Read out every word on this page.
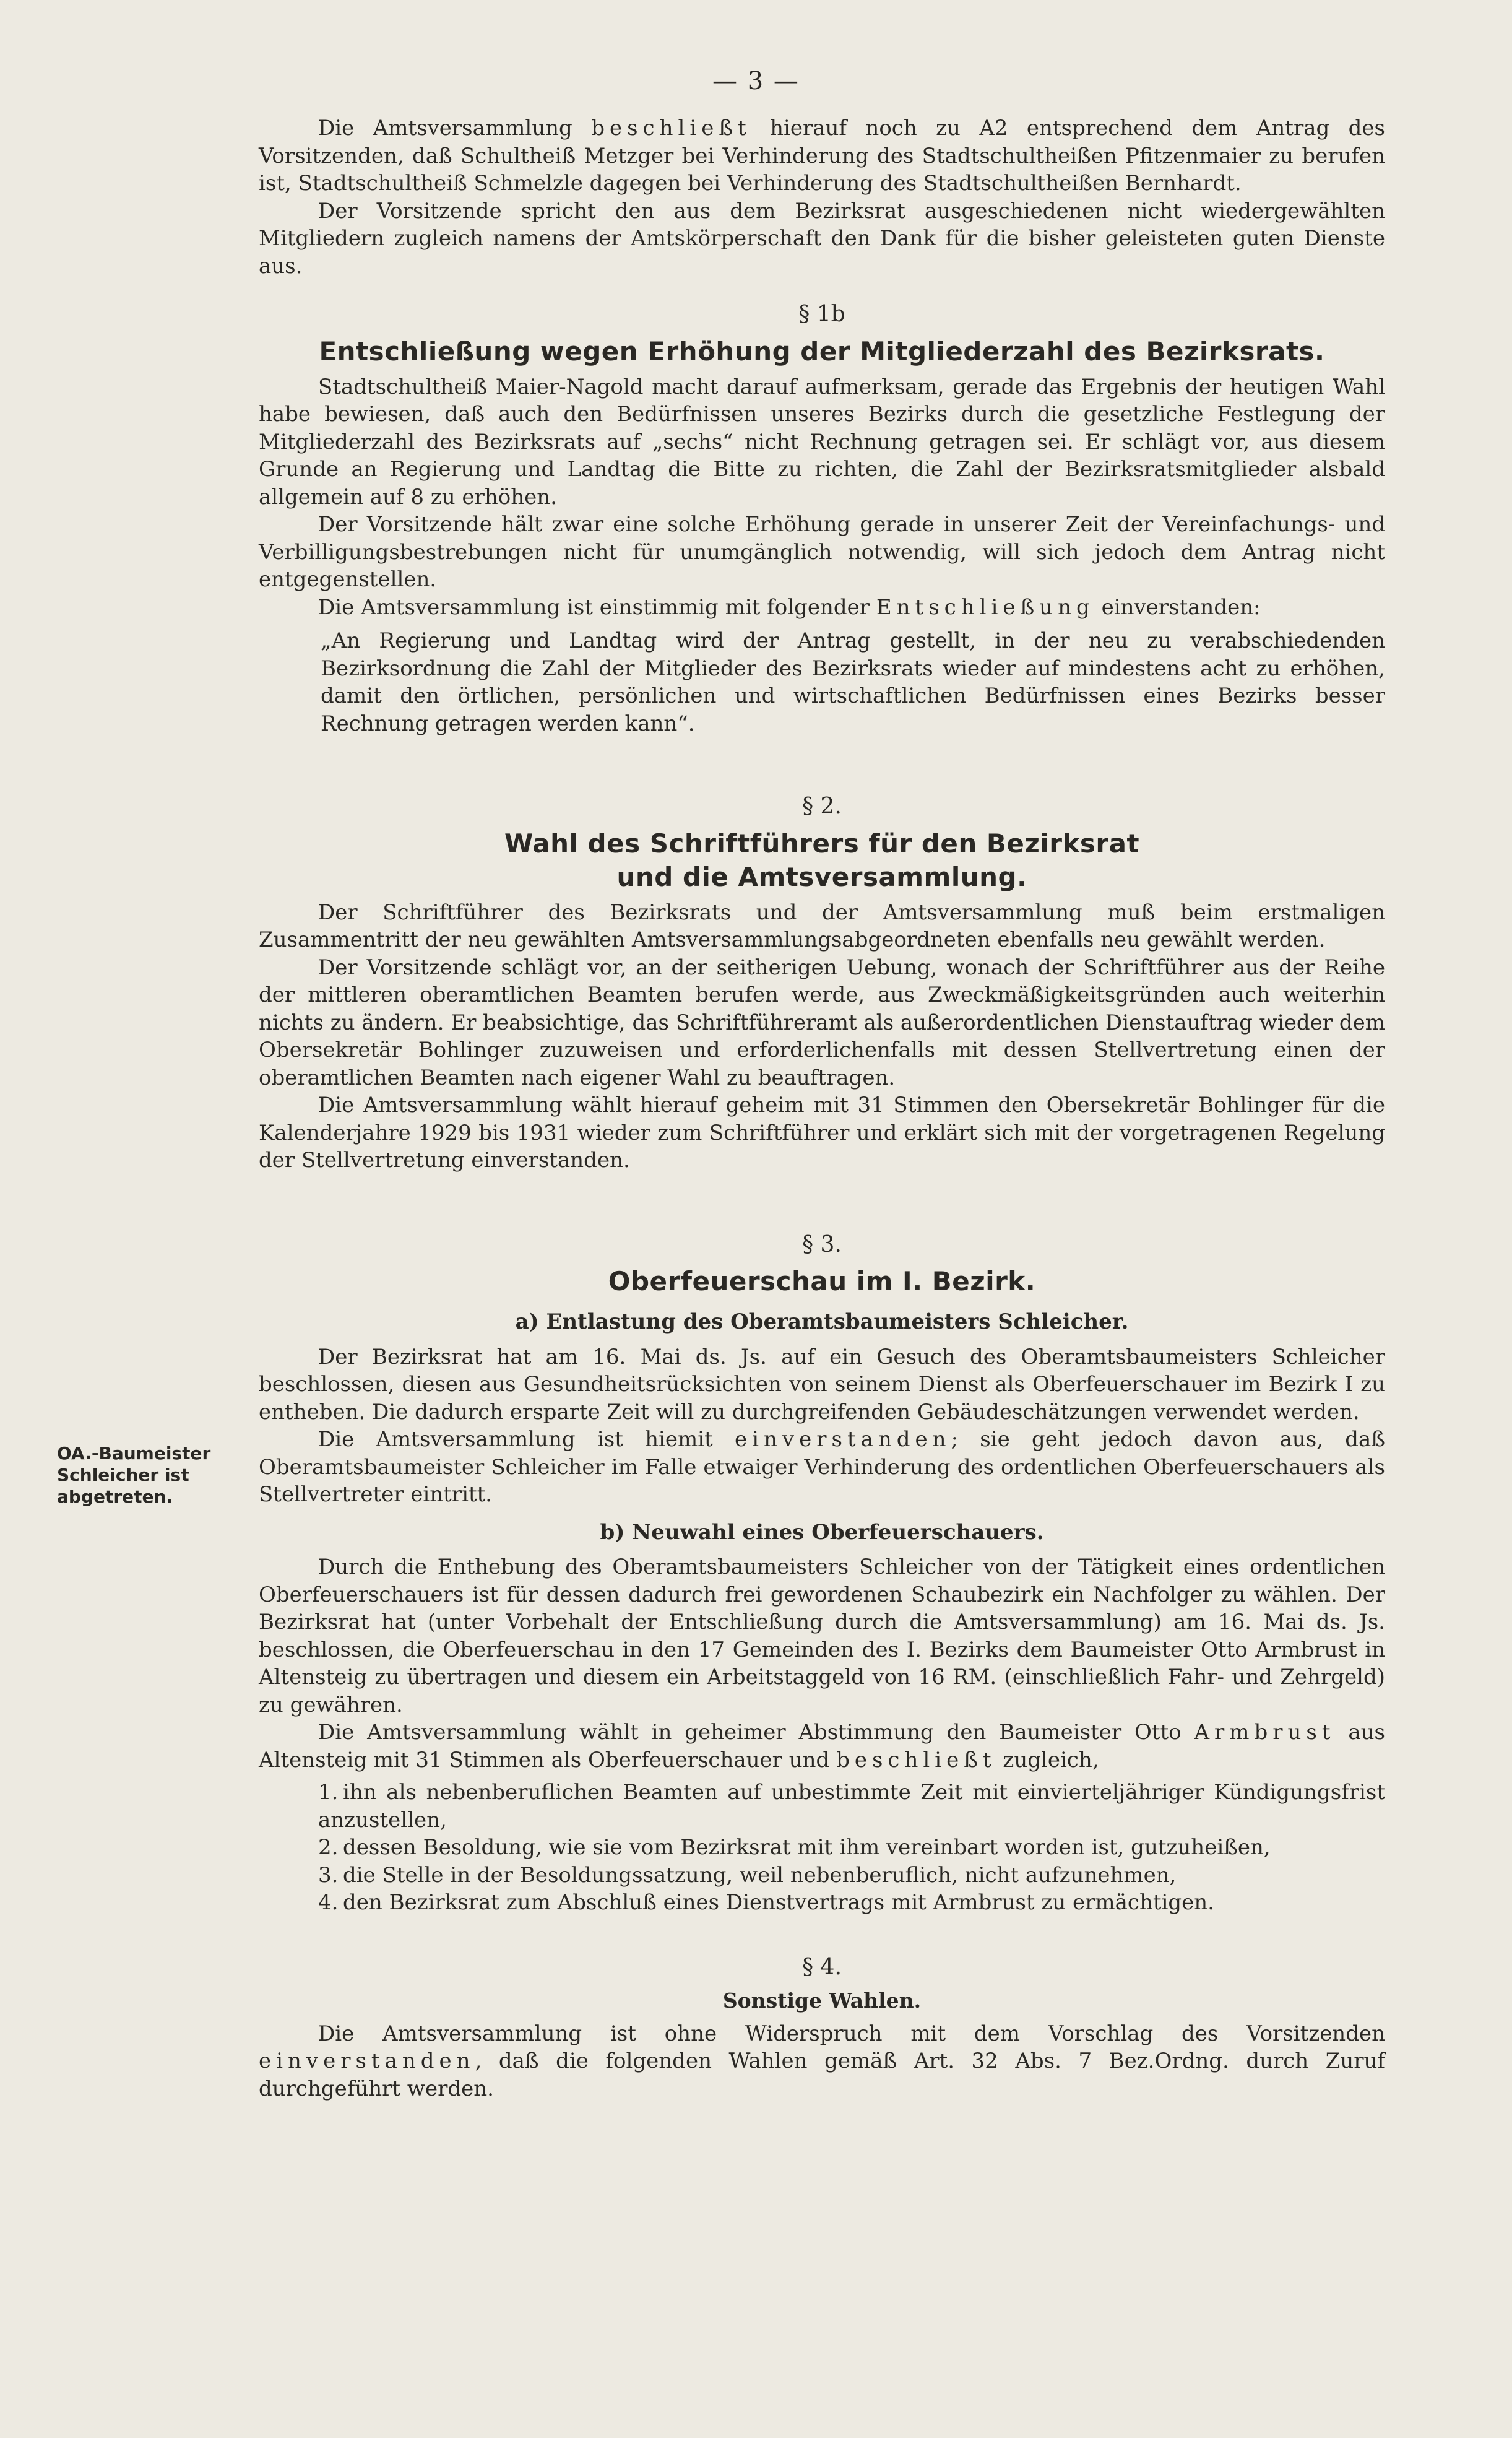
— 3 —
OA.-Baumeister
Schleicher ist
abgetreten.

Die Amtsversammlung beschließt hierauf noch zu A2 entsprechend dem Antrag des Vorsitzenden, daß Schultheiß Metzger bei Verhinderung des Stadtschultheißen Pfitzenmaier zu berufen ist, Stadtschultheiß Schmelzle dagegen bei Verhinderung des Stadtschultheißen Bernhardt.

Der Vorsitzende spricht den aus dem Bezirksrat ausgeschiedenen nicht wiedergewählten Mitgliedern zugleich namens der Amtskörperschaft den Dank für die bisher geleisteten guten Dienste aus.

§ 1b

Entschließung wegen Erhöhung der Mitgliederzahl des Bezirksrats.

Stadtschultheiß Maier-Nagold macht darauf aufmerksam, gerade das Ergebnis der heutigen Wahl habe bewiesen, daß auch den Bedürfnissen unseres Bezirks durch die gesetzliche Festlegung der Mitgliederzahl des Bezirksrats auf „sechs“ nicht Rechnung getragen sei. Er schlägt vor, aus diesem Grunde an Regierung und Landtag die Bitte zu richten, die Zahl der Bezirksratsmitglieder alsbald allgemein auf 8 zu erhöhen.

Der Vorsitzende hält zwar eine solche Erhöhung gerade in unserer Zeit der Vereinfachungs- und Verbilligungsbestrebungen nicht für unumgänglich notwendig, will sich jedoch dem Antrag nicht entgegenstellen.

Die Amtsversammlung ist einstimmig mit folgender Entschließung einverstanden:

„An Regierung und Landtag wird der Antrag gestellt, in der neu zu verabschiedenden Bezirksordnung die Zahl der Mitglieder des Bezirksrats wieder auf mindestens acht zu erhöhen, damit den örtlichen, persönlichen und wirtschaftlichen Bedürfnissen eines Bezirks besser Rechnung getragen werden kann“.

§ 2.

Wahl des Schriftführers für den Bezirksrat

und die Amtsversammlung.

Der Schriftführer des Bezirksrats und der Amtsversammlung muß beim erstmaligen Zusammentritt der neu gewählten Amtsversammlungsabgeordneten ebenfalls neu gewählt werden.

Der Vorsitzende schlägt vor, an der seitherigen Uebung, wonach der Schriftführer aus der Reihe der mittleren oberamtlichen Beamten berufen werde, aus Zweckmäßigkeitsgründen auch weiterhin nichts zu ändern. Er beabsichtige, das Schriftführeramt als außerordentlichen Dienstauftrag wieder dem Obersekretär Bohlinger zuzuweisen und erforderlichenfalls mit dessen Stellvertretung einen der oberamtlichen Beamten nach eigener Wahl zu beauftragen.

Die Amtsversammlung wählt hierauf geheim mit 31 Stimmen den Obersekretär Bohlinger für die Kalenderjahre 1929 bis 1931 wieder zum Schriftführer und erklärt sich mit der vorgetragenen Regelung der Stellvertretung einverstanden.

§ 3.

Oberfeuerschau im I. Bezirk.

a) Entlastung des Oberamtsbaumeisters Schleicher.

Der Bezirksrat hat am 16. Mai ds. Js. auf ein Gesuch des Oberamtsbaumeisters Schleicher beschlossen, diesen aus Gesundheitsrücksichten von seinem Dienst als Oberfeuerschauer im Bezirk I zu entheben. Die dadurch ersparte Zeit will zu durchgreifenden Gebäudeschätzungen verwendet werden.

Die Amtsversammlung ist hiemit einverstanden; sie geht jedoch davon aus, daß Oberamtsbaumeister Schleicher im Falle etwaiger Verhinderung des ordentlichen Oberfeuerschauers als Stellvertreter eintritt.

b) Neuwahl eines Oberfeuerschauers.

Durch die Enthebung des Oberamtsbaumeisters Schleicher von der Tätigkeit eines ordentlichen Oberfeuerschauers ist für dessen dadurch frei gewordenen Schaubezirk ein Nachfolger zu wählen. Der Bezirksrat hat (unter Vorbehalt der Entschließung durch die Amtsversammlung) am 16. Mai ds. Js. beschlossen, die Oberfeuerschau in den 17 Gemeinden des I. Bezirks dem Baumeister Otto Armbrust in Altensteig zu übertragen und diesem ein Arbeitstaggeld von 16 RM. (einschließlich Fahr- und Zehrgeld) zu gewähren.

Die Amtsversammlung wählt in geheimer Abstimmung den Baumeister Otto Armbrust aus Altensteig mit 31 Stimmen als Oberfeuerschauer und beschließt zugleich,

1. ihn als nebenberuflichen Beamten auf unbestimmte Zeit mit einvierteljähriger Kündigungsfrist anzustellen,
2. dessen Besoldung, wie sie vom Bezirksrat mit ihm vereinbart worden ist, gutzuheißen,
3. die Stelle in der Besoldungssatzung, weil nebenberuflich, nicht aufzunehmen,
4. den Bezirksrat zum Abschluß eines Dienstvertrags mit Armbrust zu ermächtigen.

§ 4.

Sonstige Wahlen.

Die Amtsversammlung ist ohne Widerspruch mit dem Vorschlag des Vorsitzenden einverstanden, daß die folgenden Wahlen gemäß Art. 32 Abs. 7 Bez.Ordng. durch Zuruf durchgeführt werden.
